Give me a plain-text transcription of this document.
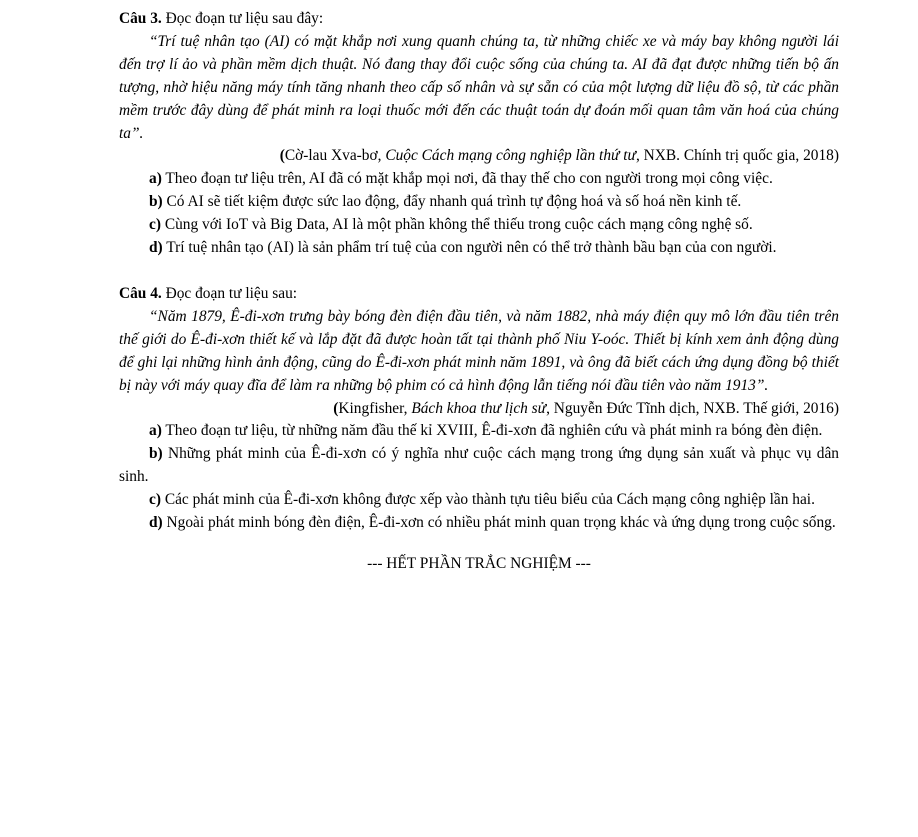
Câu 3. Đọc đoạn tư liệu sau đây:

“Trí tuệ nhân tạo (AI) có mặt khắp nơi xung quanh chúng ta, từ những chiếc xe và máy bay không người lái đến trợ lí ảo và phần mềm dịch thuật. Nó đang thay đổi cuộc sống của chúng ta. AI đã đạt được những tiến bộ ấn tượng, nhờ hiệu năng máy tính tăng nhanh theo cấp số nhân và sự sẵn có của một lượng dữ liệu đồ sộ, từ các phần mềm trước đây dùng để phát minh ra loại thuốc mới đến các thuật toán dự đoán mối quan tâm văn hoá của chúng ta”.

(Cờ-lau Xva-bơ, Cuộc Cách mạng công nghiệp lần thứ tư, NXB. Chính trị quốc gia, 2018)

a) Theo đoạn tư liệu trên, AI đã có mặt khắp mọi nơi, đã thay thế cho con người trong mọi công việc.

b) Có AI sẽ tiết kiệm được sức lao động, đẩy nhanh quá trình tự động hoá và số hoá nền kinh tế.

c) Cùng với IoT và Big Data, AI là một phần không thể thiếu trong cuộc cách mạng công nghệ số.

d) Trí tuệ nhân tạo (AI) là sản phẩm trí tuệ của con người nên có thể trở thành bầu bạn của con người.

Câu 4. Đọc đoạn tư liệu sau:

“Năm 1879, Ê-đi-xơn trưng bày bóng đèn điện đầu tiên, và năm 1882, nhà máy điện quy mô lớn đầu tiên trên thế giới do Ê-đi-xơn thiết kế và lắp đặt đã được hoàn tất tại thành phố Niu Y-oóc. Thiết bị kính xem ảnh động dùng để ghi lại những hình ảnh động, cũng do Ê-đi-xơn phát minh năm 1891, và ông đã biết cách ứng dụng đồng bộ thiết bị này với máy quay đĩa để làm ra những bộ phim có cả hình động lẫn tiếng nói đầu tiên vào năm 1913”.

(Kingfisher, Bách khoa thư lịch sử, Nguyễn Đức Tĩnh dịch, NXB. Thế giới, 2016)

a) Theo đoạn tư liệu, từ những năm đầu thế kỉ XVIII, Ê-đi-xơn đã nghiên cứu và phát minh ra bóng đèn điện.

b) Những phát minh của Ê-đi-xơn có ý nghĩa như cuộc cách mạng trong ứng dụng sản xuất và phục vụ dân sinh.

c) Các phát minh của Ê-đi-xơn không được xếp vào thành tựu tiêu biểu của Cách mạng công nghiệp lần hai.

d) Ngoài phát minh bóng đèn điện, Ê-đi-xơn có nhiều phát minh quan trọng khác và ứng dụng trong cuộc sống.

--- HẾT PHẦN TRẮC NGHIỆM ---
